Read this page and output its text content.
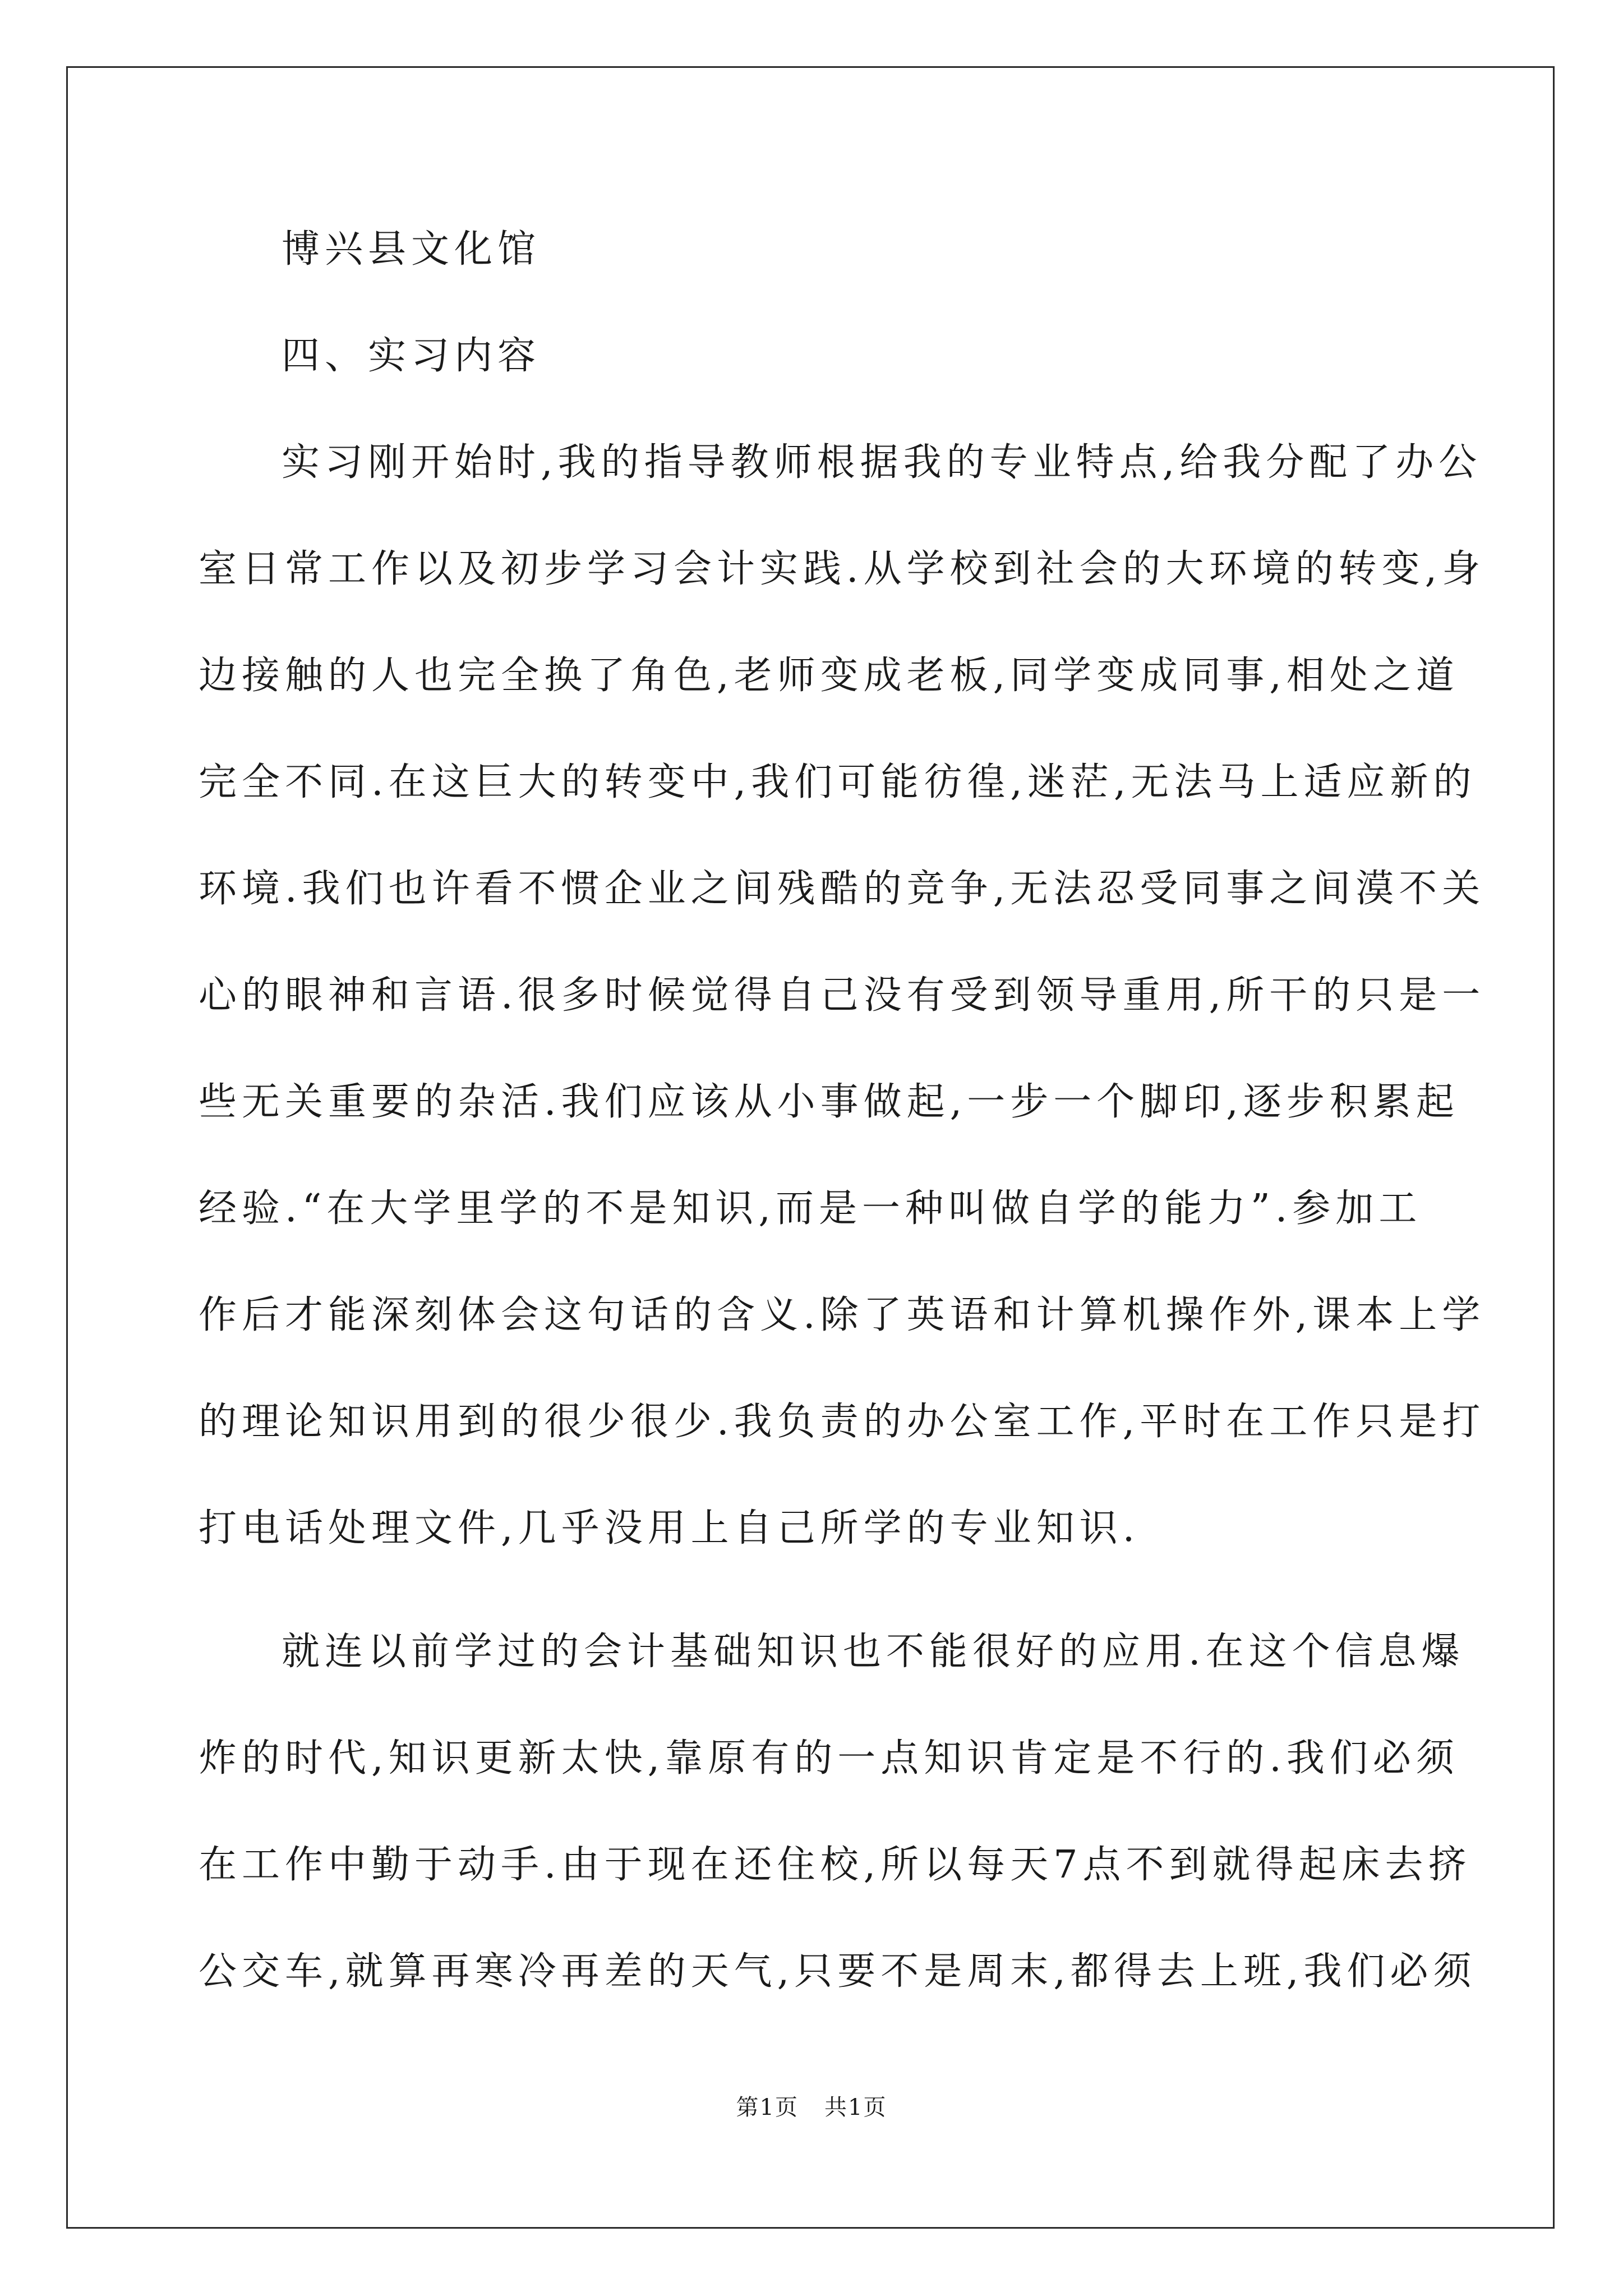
博兴县文化馆
四、实习内容
实习刚开始时,我的指导教师根据我的专业特点,给我分配了办公
室日常工作以及初步学习会计实践.从学校到社会的大环境的转变,身
边接触的人也完全换了角色,老师变成老板,同学变成同事,相处之道
完全不同.在这巨大的转变中,我们可能彷徨,迷茫,无法马上适应新的
环境.我们也许看不惯企业之间残酷的竞争,无法忍受同事之间漠不关
心的眼神和言语.很多时候觉得自己没有受到领导重用,所干的只是一
些无关重要的杂活.我们应该从小事做起,一步一个脚印,逐步积累起
经验.“在大学里学的不是知识,而是一种叫做自学的能力”.参加工
作后才能深刻体会这句话的含义.除了英语和计算机操作外,课本上学
的理论知识用到的很少很少.我负责的办公室工作,平时在工作只是打
打电话处理文件,几乎没用上自己所学的专业知识.
就连以前学过的会计基础知识也不能很好的应用.在这个信息爆
炸的时代,知识更新太快,靠原有的一点知识肯定是不行的.我们必须
在工作中勤于动手.由于现在还住校,所以每天7点不到就得起床去挤
公交车,就算再寒冷再差的天气,只要不是周末,都得去上班,我们必须
第1页 共1页
